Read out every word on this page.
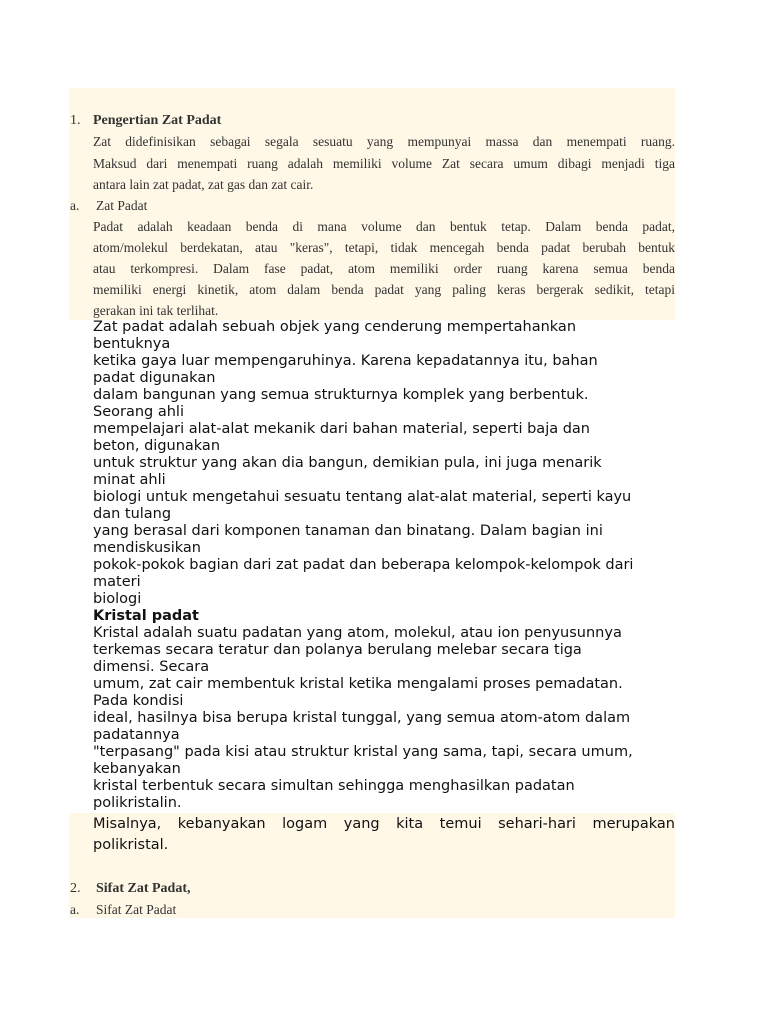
1. Pengertian Zat Padat
Zat didefinisikan sebagai segala sesuatu yang mempunyai massa dan menempati ruang.
Maksud dari menempati ruang adalah memiliki volume Zat secara umum dibagi menjadi tiga
antara lain zat padat, zat gas dan zat cair.
a. Zat Padat
Padat adalah keadaan benda di mana volume dan bentuk tetap. Dalam benda padat,
atom/molekul berdekatan, atau "keras", tetapi, tidak mencegah benda padat berubah bentuk
atau terkompresi. Dalam fase padat, atom memiliki order ruang karena semua benda
memiliki energi kinetik, atom dalam benda padat yang paling keras bergerak sedikit, tetapi
gerakan ini tak terlihat.
Zat padat adalah sebuah objek yang cenderung mempertahankan
bentuknya
ketika gaya luar mempengaruhinya. Karena kepadatannya itu, bahan
padat digunakan
dalam bangunan yang semua strukturnya komplek yang berbentuk.
Seorang ahli
mempelajari alat-alat mekanik dari bahan material, seperti baja dan
beton, digunakan
untuk struktur yang akan dia bangun, demikian pula, ini juga menarik
minat ahli
biologi untuk mengetahui sesuatu tentang alat-alat material, seperti kayu
dan tulang
yang berasal dari komponen tanaman dan binatang. Dalam bagian ini
mendiskusikan
pokok-pokok bagian dari zat padat dan beberapa kelompok-kelompok dari
materi
biologi
Kristal padat
Kristal adalah suatu padatan yang atom, molekul, atau ion penyusunnya
terkemas secara teratur dan polanya berulang melebar secara tiga
dimensi. Secara
umum, zat cair membentuk kristal ketika mengalami proses pemadatan.
Pada kondisi
ideal, hasilnya bisa berupa kristal tunggal, yang semua atom-atom dalam
padatannya
"terpasang" pada kisi atau struktur kristal yang sama, tapi, secara umum,
kebanyakan
kristal terbentuk secara simultan sehingga menghasilkan padatan
polikristalin.
Misalnya, kebanyakan logam yang kita temui sehari-hari merupakan
polikristal.
2. Sifat Zat Padat,
a. Sifat Zat Padat
